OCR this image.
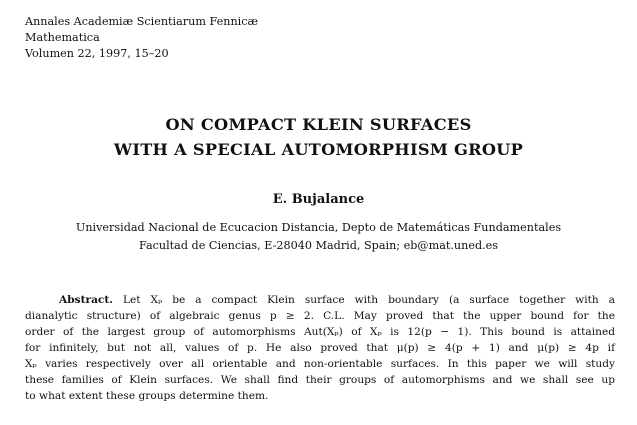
Annales Academiæ Scientiarum Fennicæ
Mathematica
Volumen 22, 1997, 15–20
ON COMPACT KLEIN SURFACES
WITH A SPECIAL AUTOMORPHISM GROUP
E. Bujalance
Universidad Nacional de Ecucacion Distancia, Depto de Matemáticas Fundamentales
Facultad de Ciencias, E-28040 Madrid, Spain; eb@mat.uned.es
Abstract. Let Xₚ be a compact Klein surface with boundary (a surface together with a
dianalytic structure) of algebraic genus p ≥ 2. C.L. May proved that the upper bound for the
order of the largest group of automorphisms Aut(Xₚ) of Xₚ is 12(p − 1). This bound is attained
for infinitely, but not all, values of p. He also proved that μ(p) ≥ 4(p + 1) and μ(p) ≥ 4p if
Xₚ varies respectively over all orientable and non-orientable surfaces. In this paper we will study
these families of Klein surfaces. We shall find their groups of automorphisms and we shall see up
to what extent these groups determine them.
